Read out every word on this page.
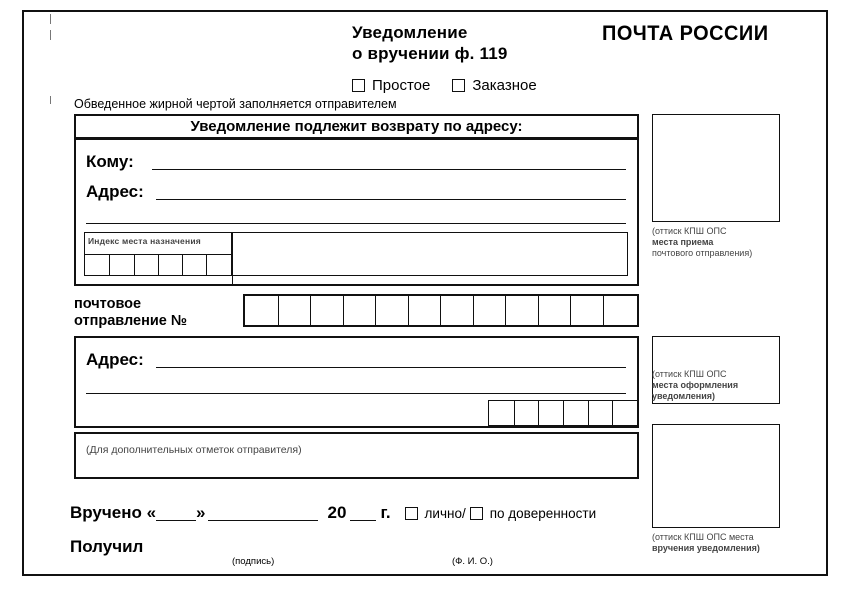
Уведомление
о вручении ф. 119
ПОЧТА РОССИИ
Простое	Заказное
Обведенное жирной чертой заполняется отправителем
Уведомление подлежит возврату по адресу:
Кому:
Адрес:
Индекс места назначения
почтовое
отправление №
Адрес:
(Для дополнительных отметок отправителя)
Вручено « »	20 г.	лично/ по доверенности
Получил
(подпись)	(Ф. И. О.)
(оттиск КПШ ОПС
места приема
почтового отправления)
(оттиск КПШ ОПС
места оформления
уведомления)
(оттиск КПШ ОПС места
вручения уведомления)
